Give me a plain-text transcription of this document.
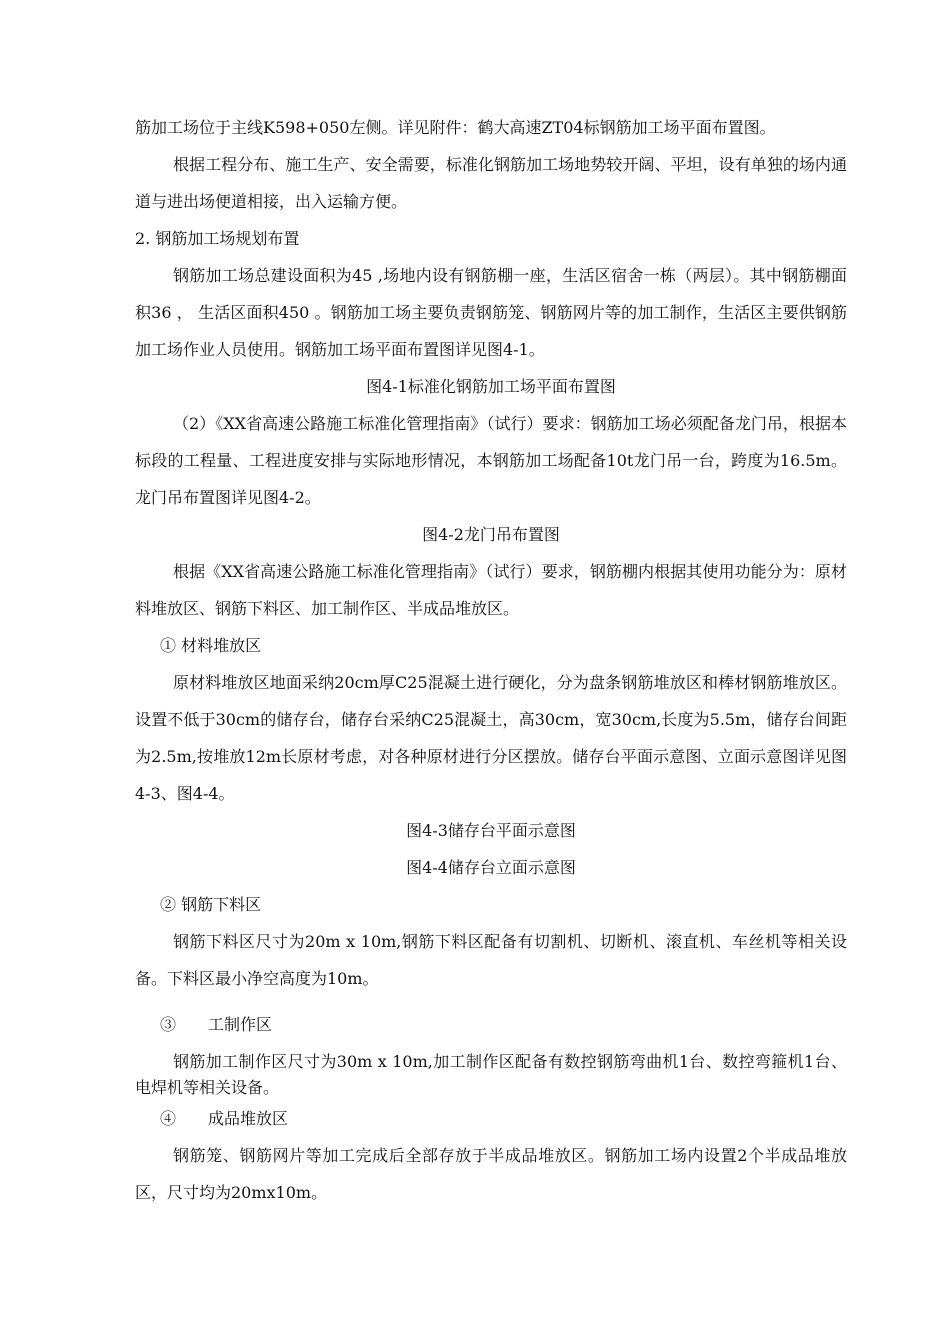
筋加工场位于主线K598+050左侧。详见附件：鹤大高速ZT04标钢筋加工场平面布置图。

根据工程分布、施工生产、安全需要，标准化钢筋加工场地势较开阔、平坦，设有单独的场内通道与进出场便道相接，出入运输方便。

2. 钢筋加工场规划布置

钢筋加工场总建设面积为45 ,场地内设有钢筋棚一座，生活区宿舍一栋（两层）。其中钢筋棚面积36 ， 生活区面积450 。钢筋加工场主要负责钢筋笼、钢筋网片等的加工制作，生活区主要供钢筋加工场作业人员使用。钢筋加工场平面布置图详见图4-1。

图4-1标准化钢筋加工场平面布置图

（2）《XX省高速公路施工标准化管理指南》（试行）要求：钢筋加工场必须配备龙门吊，根据本标段的工程量、工程进度安排与实际地形情况，本钢筋加工场配备10t龙门吊一台，跨度为16.5m。龙门吊布置图详见图4-2。

图4-2龙门吊布置图

根据《XX省高速公路施工标准化管理指南》（试行）要求，钢筋棚内根据其使用功能分为：原材料堆放区、钢筋下料区、加工制作区、半成品堆放区。

① 材料堆放区

原材料堆放区地面采纳20cm厚C25混凝土进行硬化，分为盘条钢筋堆放区和棒材钢筋堆放区。设置不低于30cm的储存台，储存台采纳C25混凝土，高30cm，宽30cm,长度为5.5m，储存台间距为2.5m,按堆放12m长原材考虑，对各种原材进行分区摆放。储存台平面示意图、立面示意图详见图4-3、图4-4。

图4-3储存台平面示意图

图4-4储存台立面示意图

② 钢筋下料区

钢筋下料区尺寸为20m x 10m,钢筋下料区配备有切割机、切断机、滚直机、车丝机等相关设备。下料区最小净空高度为10m。

③　　工制作区

钢筋加工制作区尺寸为30m x 10m,加工制作区配备有数控钢筋弯曲机1台、数控弯箍机1台、电焊机等相关设备。

④　　成品堆放区

钢筋笼、钢筋网片等加工完成后全部存放于半成品堆放区。钢筋加工场内设置2个半成品堆放区，尺寸均为20mx10m。
